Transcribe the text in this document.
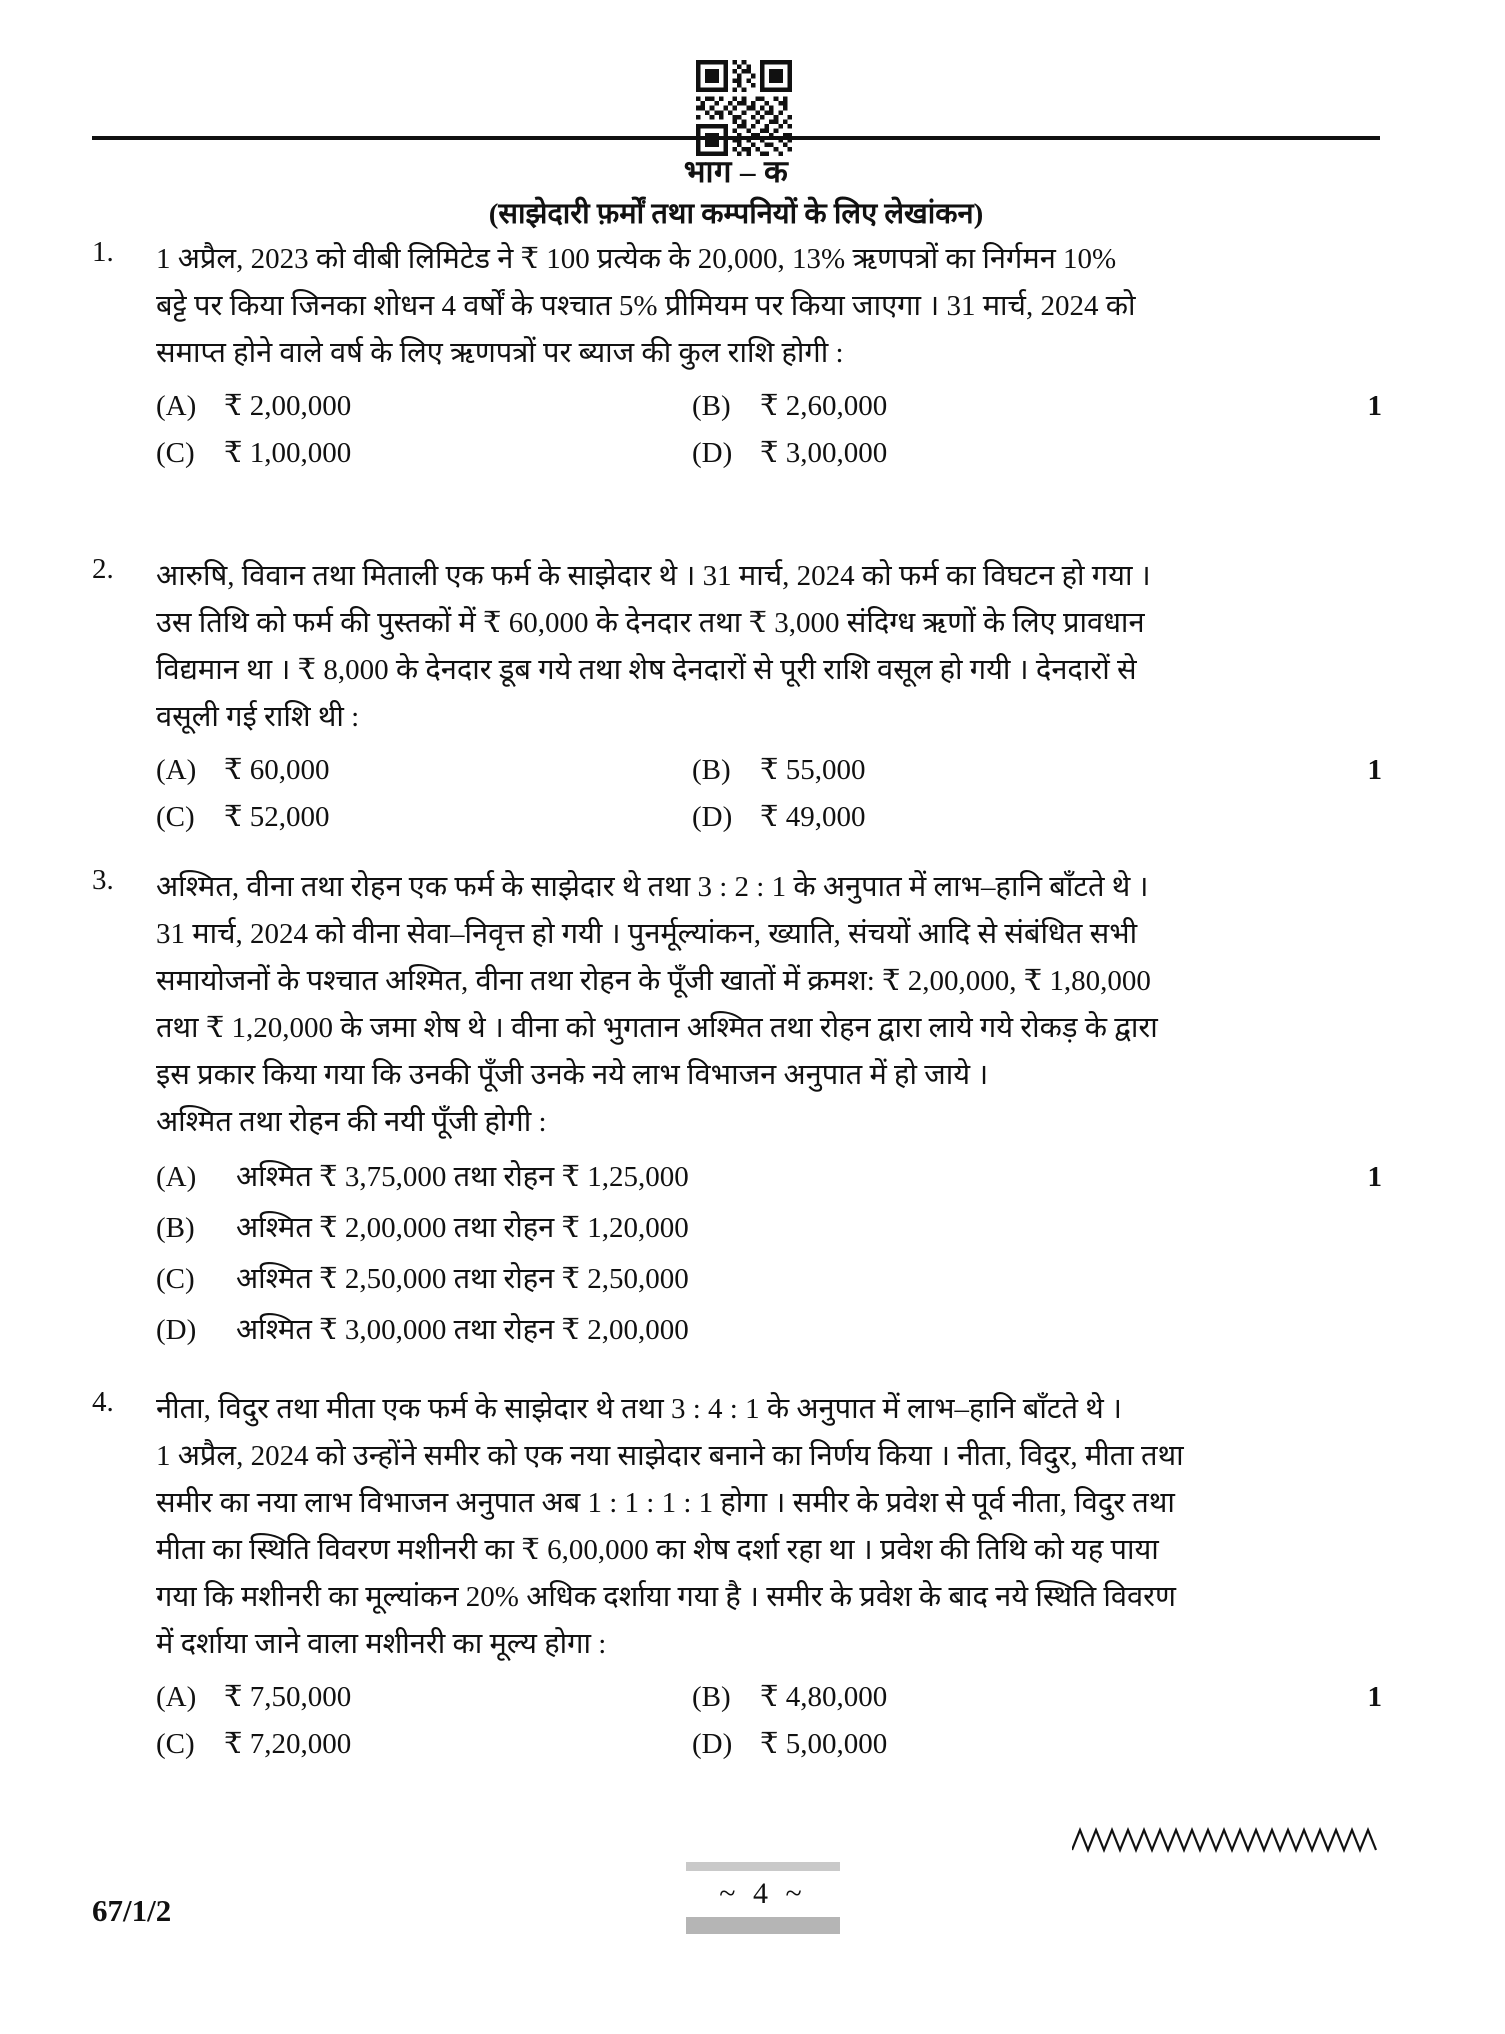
भाग – क
(साझेदारी फ़र्मों तथा कम्पनियों के लिए लेखांकन)
1.	1 अप्रैल, 2023 को वीबी लिमिटेड ने ₹ 100 प्रत्येक के 20,000, 13% ऋणपत्रों का निर्गमन 10%
बट्टे पर किया जिनका शोधन 4 वर्षों के पश्चात 5% प्रीमियम पर किया जाएगा । 31 मार्च, 2024 को
समाप्त होने वाले वर्ष के लिए ऋणपत्रों पर ब्याज की कुल राशि होगी :
(A) ₹ 2,00,000	(B)	₹ 2,60,000
(C)	₹ 1,00,000	(D) ₹ 3,00,000
1
2.	आरुषि, विवान तथा मिताली एक फर्म के साझेदार थे । 31 मार्च, 2024 को फर्म का विघटन हो गया ।
उस तिथि को फर्म की पुस्तकों में ₹ 60,000 के देनदार तथा ₹ 3,000 संदिग्ध ऋणों के लिए प्रावधान
विद्यमान था । ₹ 8,000 के देनदार डूब गये तथा शेष देनदारों से पूरी राशि वसूल हो गयी । देनदारों से
वसूली गई राशि थी :
(A) ₹ 60,000	(B)	₹ 55,000
(C)	₹ 52,000	(D) ₹ 49,000
1
3.	अश्मित, वीना तथा रोहन एक फर्म के साझेदार थे तथा 3 : 2 : 1 के अनुपात में लाभ–हानि बाँटते थे ।
31 मार्च, 2024 को वीना सेवा–निवृत्त हो गयी । पुनर्मूल्यांकन, ख्याति, संचयों आदि से संबंधित सभी
समायोजनों के पश्चात अश्मित, वीना तथा रोहन के पूँजी खातों में क्रमश: ₹ 2,00,000, ₹ 1,80,000
तथा ₹ 1,20,000 के जमा शेष थे । वीना को भुगतान अश्मित तथा रोहन द्वारा लाये गये रोकड़ के द्वारा
इस प्रकार किया गया कि उनकी पूँजी उनके नये लाभ विभाजन अनुपात में हो जाये ।
अश्मित तथा रोहन की नयी पूँजी होगी :
(A)	अश्मित ₹ 3,75,000 तथा रोहन ₹ 1,25,000
(B)	अश्मित ₹ 2,00,000 तथा रोहन ₹ 1,20,000
(C)	अश्मित ₹ 2,50,000 तथा रोहन ₹ 2,50,000
(D)	अश्मित ₹ 3,00,000 तथा रोहन ₹ 2,00,000
1
4.	नीता, विदुर तथा मीता एक फर्म के साझेदार थे तथा 3 : 4 : 1 के अनुपात में लाभ–हानि बाँटते थे ।
1 अप्रैल, 2024 को उन्होंने समीर को एक नया साझेदार बनाने का निर्णय किया । नीता, विदुर, मीता तथा
समीर का नया लाभ विभाजन अनुपात अब 1 : 1 : 1 : 1 होगा । समीर के प्रवेश से पूर्व नीता, विदुर तथा
मीता का स्थिति विवरण मशीनरी का ₹ 6,00,000 का शेष दर्शा रहा था । प्रवेश की तिथि को यह पाया
गया कि मशीनरी का मूल्यांकन 20% अधिक दर्शाया गया है । समीर के प्रवेश के बाद नये स्थिति विवरण
में दर्शाया जाने वाला मशीनरी का मूल्य होगा :
(A) ₹ 7,50,000	(B)	₹ 4,80,000
(C)	₹ 7,20,000	(D) ₹ 5,00,000
1
67/1/2	~ 4 ~
